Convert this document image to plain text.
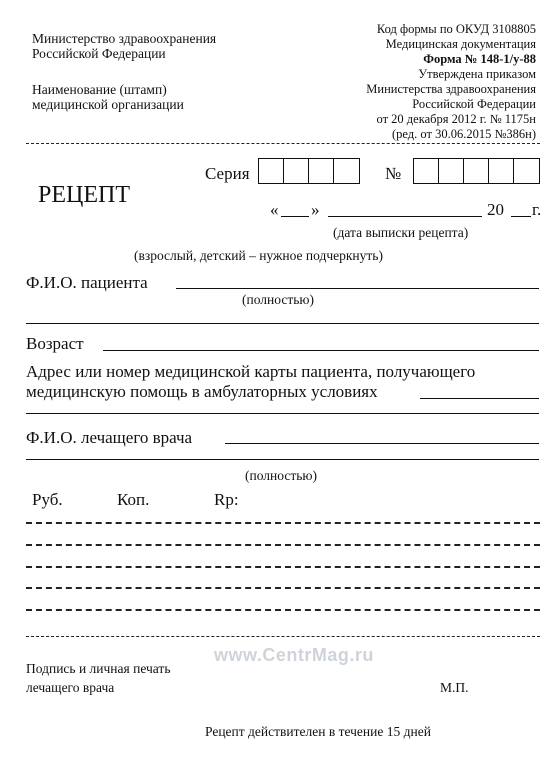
Министерство здравоохранения
Российской Федерации
Наименование (штамп)
медицинской организации
Код формы по ОКУД 3108805
Медицинская документация
Форма № 148-1/у-88
Утверждена приказом
Министерства здравоохранения
Российской Федерации
от 20 декабря 2012 г. № 1175н
(ред. от 30.06.2015 №386н)
РЕЦЕПТ
Серия	№
« »	20 г.
(дата выписки рецепта)
(взрослый, детский – нужное подчеркнуть)
Ф.И.О. пациента
(полностью)
Возраст
Адрес или номер медицинской карты пациента, получающего
медицинскую помощь в амбулаторных условиях
Ф.И.О. лечащего врача
(полностью)
Руб.	Коп.	Rp:
www.CentrMag.ru
Подпись и личная печать
лечащего врача	М.П.
Рецепт действителен в течение 15 дней
